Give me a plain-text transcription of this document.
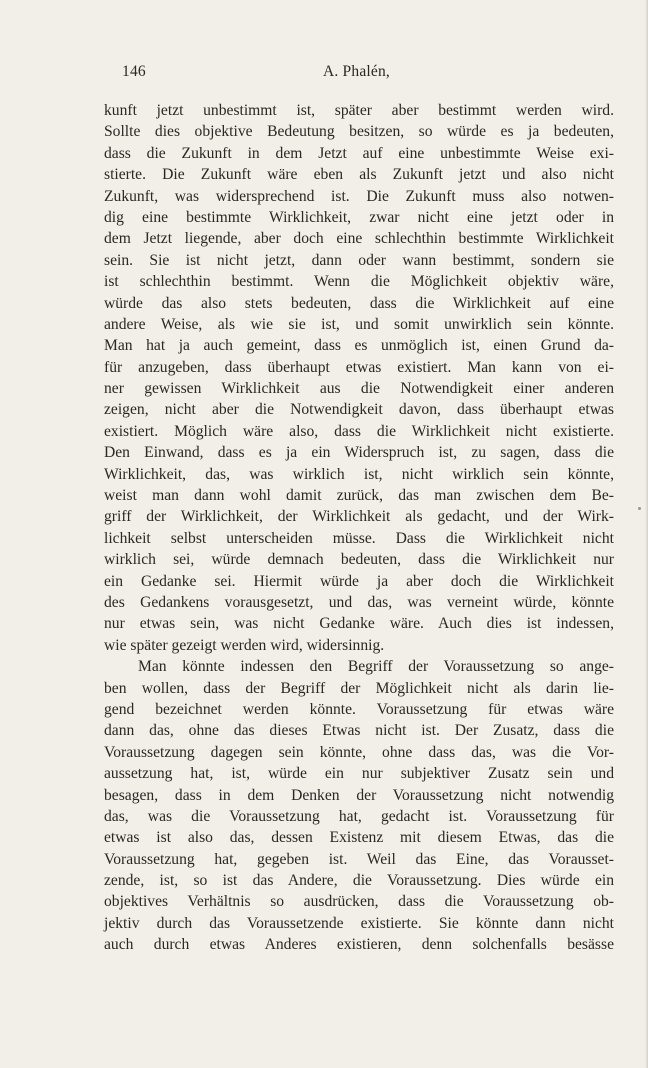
146	A. Phalén,
kunft jetzt unbestimmt ist, später aber bestimmt werden wird.
Sollte dies objektive Bedeutung besitzen, so würde es ja bedeuten,
dass die Zukunft in dem Jetzt auf eine unbestimmte Weise exi-
stierte. Die Zukunft wäre eben als Zukunft jetzt und also nicht
Zukunft, was widersprechend ist. Die Zukunft muss also notwen-
dig eine bestimmte Wirklichkeit, zwar nicht eine jetzt oder in
dem Jetzt liegende, aber doch eine schlechthin bestimmte Wirklichkeit
sein. Sie ist nicht jetzt, dann oder wann bestimmt, sondern sie
ist schlechthin bestimmt. Wenn die Möglichkeit objektiv wäre,
würde das also stets bedeuten, dass die Wirklichkeit auf eine
andere Weise, als wie sie ist, und somit unwirklich sein könnte.
Man hat ja auch gemeint, dass es unmöglich ist, einen Grund da-
für anzugeben, dass überhaupt etwas existiert. Man kann von ei-
ner gewissen Wirklichkeit aus die Notwendigkeit einer anderen
zeigen, nicht aber die Notwendigkeit davon, dass überhaupt etwas
existiert. Möglich wäre also, dass die Wirklichkeit nicht existierte.
Den Einwand, dass es ja ein Widerspruch ist, zu sagen, dass die
Wirklichkeit, das, was wirklich ist, nicht wirklich sein könnte,
weist man dann wohl damit zurück, das man zwischen dem Be-
griff der Wirklichkeit, der Wirklichkeit als gedacht, und der Wirk-
lichkeit selbst unterscheiden müsse. Dass die Wirklichkeit nicht
wirklich sei, würde demnach bedeuten, dass die Wirklichkeit nur
ein Gedanke sei. Hiermit würde ja aber doch die Wirklichkeit
des Gedankens vorausgesetzt, und das, was verneint würde, könnte
nur etwas sein, was nicht Gedanke wäre. Auch dies ist indessen,
wie später gezeigt werden wird, widersinnig.
Man könnte indessen den Begriff der Voraussetzung so ange-
ben wollen, dass der Begriff der Möglichkeit nicht als darin lie-
gend bezeichnet werden könnte. Voraussetzung für etwas wäre
dann das, ohne das dieses Etwas nicht ist. Der Zusatz, dass die
Voraussetzung dagegen sein könnte, ohne dass das, was die Vor-
aussetzung hat, ist, würde ein nur subjektiver Zusatz sein und
besagen, dass in dem Denken der Voraussetzung nicht notwendig
das, was die Voraussetzung hat, gedacht ist. Voraussetzung für
etwas ist also das, dessen Existenz mit diesem Etwas, das die
Voraussetzung hat, gegeben ist. Weil das Eine, das Vorausset-
zende, ist, so ist das Andere, die Voraussetzung. Dies würde ein
objektives Verhältnis so ausdrücken, dass die Voraussetzung ob-
jektiv durch das Voraussetzende existierte. Sie könnte dann nicht
auch durch etwas Anderes existieren, denn solchenfalls besässe
